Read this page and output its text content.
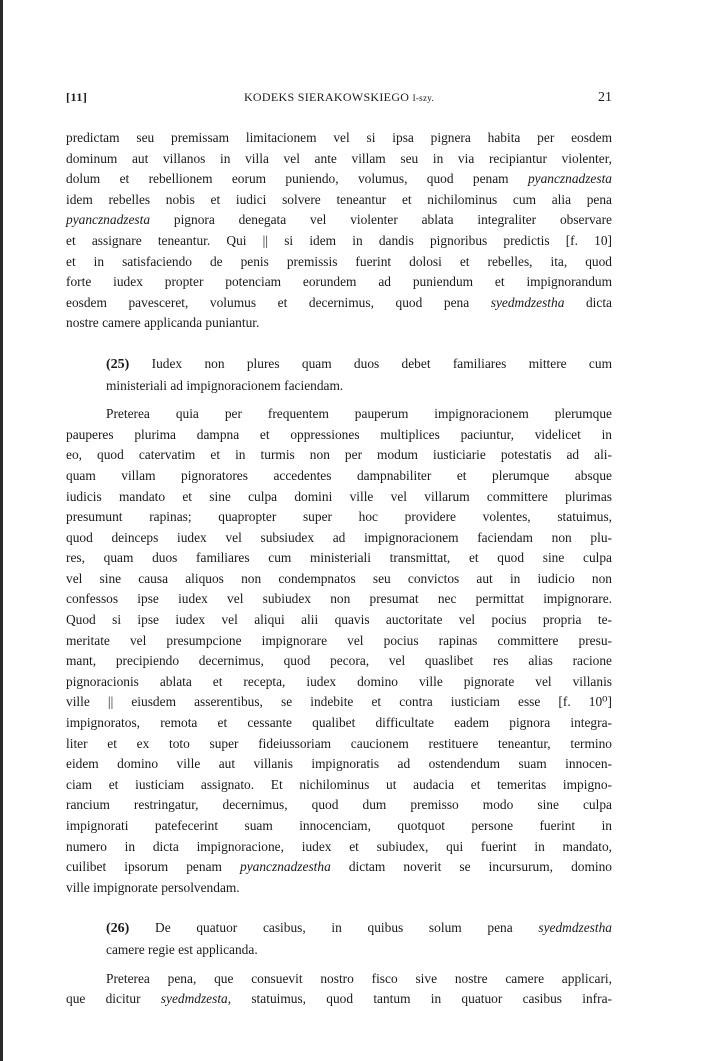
[11]	KODEKS SIERAKOWSKIEGO I-szy.	21
predictam seu premissam limitacionem vel si ipsa pignera habita per eosdem
dominum aut villanos in villa vel ante villam seu in via recipiantur violenter,
dolum et rebellionem eorum puniendo, volumus, quod penam pyancznadzesta
idem rebelles nobis et iudici solvere teneantur et nichilominus cum alia pena
pyancznadzesta pignora denegata vel violenter ablata integraliter observare
et assignare teneantur. Qui || si idem in dandis pignoribus predictis [f. 10]
et in satisfaciendo de penis premissis fuerint dolosi et rebelles, ita, quod
forte iudex propter potenciam eorundem ad puniendum et impignorandum
eosdem pavesceret, volumus et decernimus, quod pena syedmdzestha dicta
nostre camere applicanda puniantur.
(25) Iudex non plures quam duos debet familiares mittere cum
ministeriali ad impignoracionem faciendam.
Preterea quia per frequentem pauperum impignoracionem plerumque
pauperes plurima dampna et oppressiones multiplices paciuntur, videlicet in
eo, quod catervatim et in turmis non per modum iusticiarie potestatis ad ali-
quam villam pignoratores accedentes dampnabiliter et plerumque absque
iudicis mandato et sine culpa domini ville vel villarum committere plurimas
presumunt rapinas; quapropter super hoc providere volentes, statuimus,
quod deinceps iudex vel subsiudex ad impignoracionem faciendam non plu-
res, quam duos familiares cum ministeriali transmittat, et quod sine culpa
vel sine causa aliquos non condempnatos seu convictos aut in iudicio non
confessos ipse iudex vel subiudex non presumat nec permittat impignorare.
Quod si ipse iudex vel aliqui alii quavis auctoritate vel pocius propria te-
meritate vel presumpcione impignorare vel pocius rapinas committere presu-
mant, precipiendo decernimus, quod pecora, vel quaslibet res alias racione
pignoracionis ablata et recepta, iudex domino ville pignorate vel villanis
ville || eiusdem asserentibus, se indebite et contra iusticiam esse [f. 10⁰]
impignoratos, remota et cessante qualibet difficultate eadem pignora integra-
liter et ex toto super fideiussoriam caucionem restituere teneantur, termino
eidem domino ville aut villanis impignoratis ad ostendendum suam innocen-
ciam et iusticiam assignato. Et nichilominus ut audacia et temeritas impigno-
rancium restringatur, decernimus, quod dum premisso modo sine culpa
impignorati patefecerint suam innocenciam, quotquot persone fuerint in
numero in dicta impignoracione, iudex et subiudex, qui fuerint in mandato,
cuilibet ipsorum penam pyancznadzestha dictam noverit se incursurum, domino
ville impignorate persolvendam.
(26) De quatuor casibus, in quibus solum pena syedmdzestha
camere regie est applicanda.
Preterea pena, que consuevit nostro fisco sive nostre camere applicari,
que dicitur syedmdzesta, statuimus, quod tantum in quatuor casibus infra-
